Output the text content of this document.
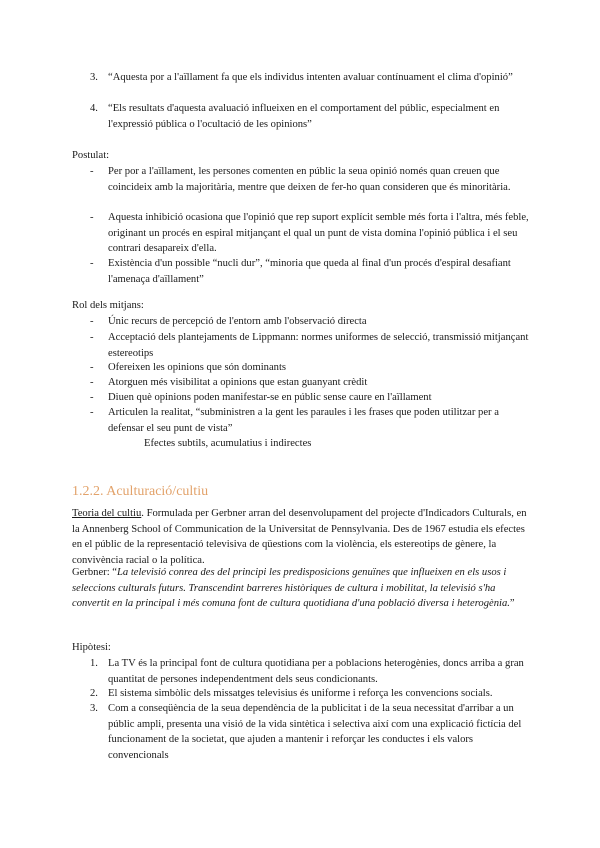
3. “Aquesta por a l'aïllament fa que els individus intenten avaluar contínuament el clima d'opinió”
4. “Els resultats d'aquesta avaluació influeixen en el comportament del públic, especialment en l'expressió pública o l'ocultació de les opinions”
Postulat:
- Per por a l'aïllament, les persones comenten en públic la seua opinió només quan creuen que coincideix amb la majoritària, mentre que deixen de fer-ho quan consideren que és minoritària.
- Aquesta inhibició ocasiona que l'opinió que rep suport explícit semble més forta i l'altra, més feble, originant un procés en espiral mitjançant el qual un punt de vista domina l'opinió pública i el seu contrari desapareix d'ella.
- Existència d'un possible “nucli dur”, “minoria que queda al final d'un procés d'espiral desafiant l'amenaça d'aïllament”
Rol dels mitjans:
- Únic recurs de percepció de l'entorn amb l'observació directa
- Acceptació dels plantejaments de Lippmann: normes uniformes de selecció, transmissió mitjançant estereotips
- Ofereixen les opinions que són dominants
- Atorguen més visibilitat a opinions que estan guanyant crèdit
- Diuen què opinions poden manifestar-se en públic sense caure en l'aïllament
- Articulen la realitat, “subministren a la gent les paraules i les frases que poden utilitzar per a defensar el seu punt de vista”
Efectes subtils, acumulatius i indirectes
1.2.2. Aculturació/cultiu
Teoria del cultiu. Formulada per Gerbner arran del desenvolupament del projecte d'Indicadors Culturals, en la Annenberg School of Communication de la Universitat de Pennsylvania. Des de 1967 estudia els efectes en el públic de la representació televisiva de qüestions com la violència, els estereotips de gènere, la convivència racial o la política.
Gerbner: “La televisió conrea des del principi les predisposicions genuïnes que influeixen en els usos i seleccions culturals futurs. Transcendint barreres històriques de cultura i mobilitat, la televisió s'ha convertit en la principal i més comuna font de cultura quotidiana d'una població diversa i heterogènia.”
Hipòtesi:
1. La TV és la principal font de cultura quotidiana per a poblacions heterogènies, doncs arriba a gran quantitat de persones independentment dels seus condicionants.
2. El sistema simbòlic dels missatges televisius és uniforme i reforça les convencions socials.
3. Com a conseqüència de la seua dependència de la publicitat i de la seua necessitat d'arribar a un públic ampli, presenta una visió de la vida sintètica i selectiva així com una explicació fictícia del funcionament de la societat, que ajuden a mantenir i reforçar les conductes i els valors convencionals
